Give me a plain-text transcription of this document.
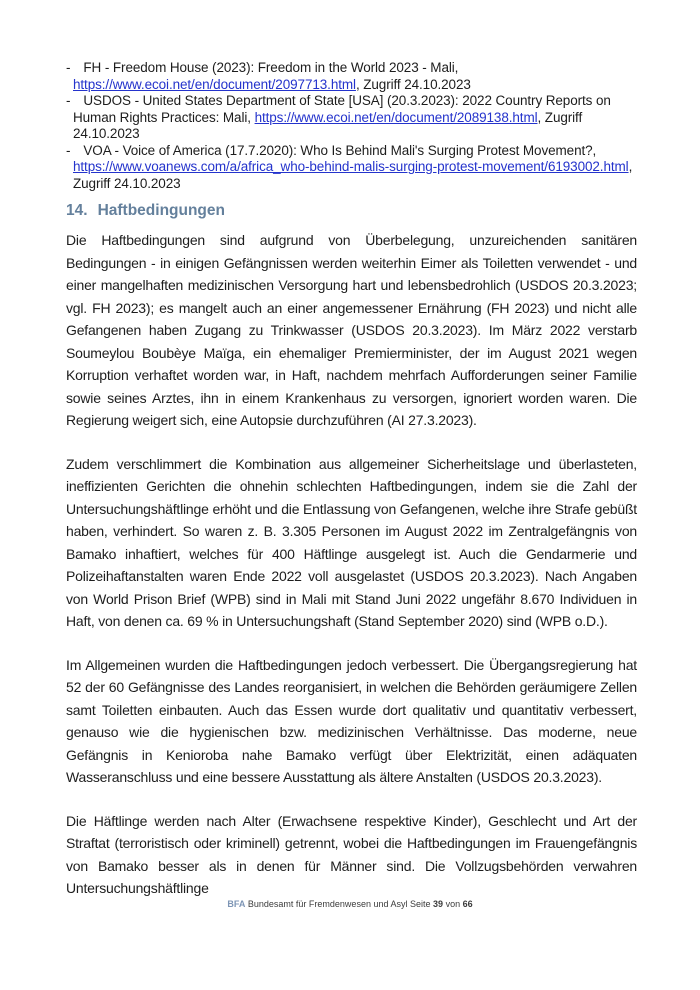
- FH - Freedom House (2023): Freedom in the World 2023 - Mali, https://www.ecoi.net/en/document/2097713.html, Zugriff 24.10.2023
- USDOS - United States Department of State [USA] (20.3.2023): 2022 Country Reports on Human Rights Practices: Mali, https://www.ecoi.net/en/document/2089138.html, Zugriff 24.10.2023
- VOA - Voice of America (17.7.2020): Who Is Behind Mali's Surging Protest Movement?, https://www.voanews.com/a/africa_who-behind-malis-surging-protest-movement/6193002.html, Zugriff 24.10.2023
14. Haftbedingungen

Die Haftbedingungen sind aufgrund von Überbelegung, unzureichenden sanitären Bedingungen - in einigen Gefängnissen werden weiterhin Eimer als Toiletten verwendet - und einer mangelhaften medizinischen Versorgung hart und lebensbedrohlich (USDOS 20.3.2023; vgl. FH 2023); es mangelt auch an einer angemessener Ernährung (FH 2023) und nicht alle Gefangenen haben Zugang zu Trinkwasser (USDOS 20.3.2023). Im März 2022 verstarb Soumeylou Boubèye Maïga, ein ehemaliger Premierminister, der im August 2021 wegen Korruption verhaftet worden war, in Haft, nachdem mehrfach Aufforderungen seiner Familie sowie seines Arztes, ihn in einem Krankenhaus zu versorgen, ignoriert worden waren. Die Regierung weigert sich, eine Autopsie durchzuführen (AI 27.3.2023).

Zudem verschlimmert die Kombination aus allgemeiner Sicherheitslage und überlasteten, ineffizienten Gerichten die ohnehin schlechten Haftbedingungen, indem sie die Zahl der Untersuchungshäftlinge erhöht und die Entlassung von Gefangenen, welche ihre Strafe gebüßt haben, verhindert. So waren z. B. 3.305 Personen im August 2022 im Zentralgefängnis von Bamako inhaftiert, welches für 400 Häftlinge ausgelegt ist. Auch die Gendarmerie und Polizeihaftanstalten waren Ende 2022 voll ausgelastet (USDOS 20.3.2023). Nach Angaben von World Prison Brief (WPB) sind in Mali mit Stand Juni 2022 ungefähr 8.670 Individuen in Haft, von denen ca. 69 % in Untersuchungshaft (Stand September 2020) sind (WPB o.D.).

Im Allgemeinen wurden die Haftbedingungen jedoch verbessert. Die Übergangsregierung hat 52 der 60 Gefängnisse des Landes reorganisiert, in welchen die Behörden geräumigere Zellen samt Toiletten einbauten. Auch das Essen wurde dort qualitativ und quantitativ verbessert, genauso wie die hygienischen bzw. medizinischen Verhältnisse. Das moderne, neue Gefängnis in Kenioroba nahe Bamako verfügt über Elektrizität, einen adäquaten Wasseranschluss und eine bessere Ausstattung als ältere Anstalten (USDOS 20.3.2023).

Die Häftlinge werden nach Alter (Erwachsene respektive Kinder), Geschlecht und Art der Straftat (terroristisch oder kriminell) getrennt, wobei die Haftbedingungen im Frauengefängnis von Bamako besser als in denen für Männer sind. Die Vollzugsbehörden verwahren Untersuchungshäftlinge

BFA Bundesamt für Fremdenwesen und Asyl Seite 39 von 66
